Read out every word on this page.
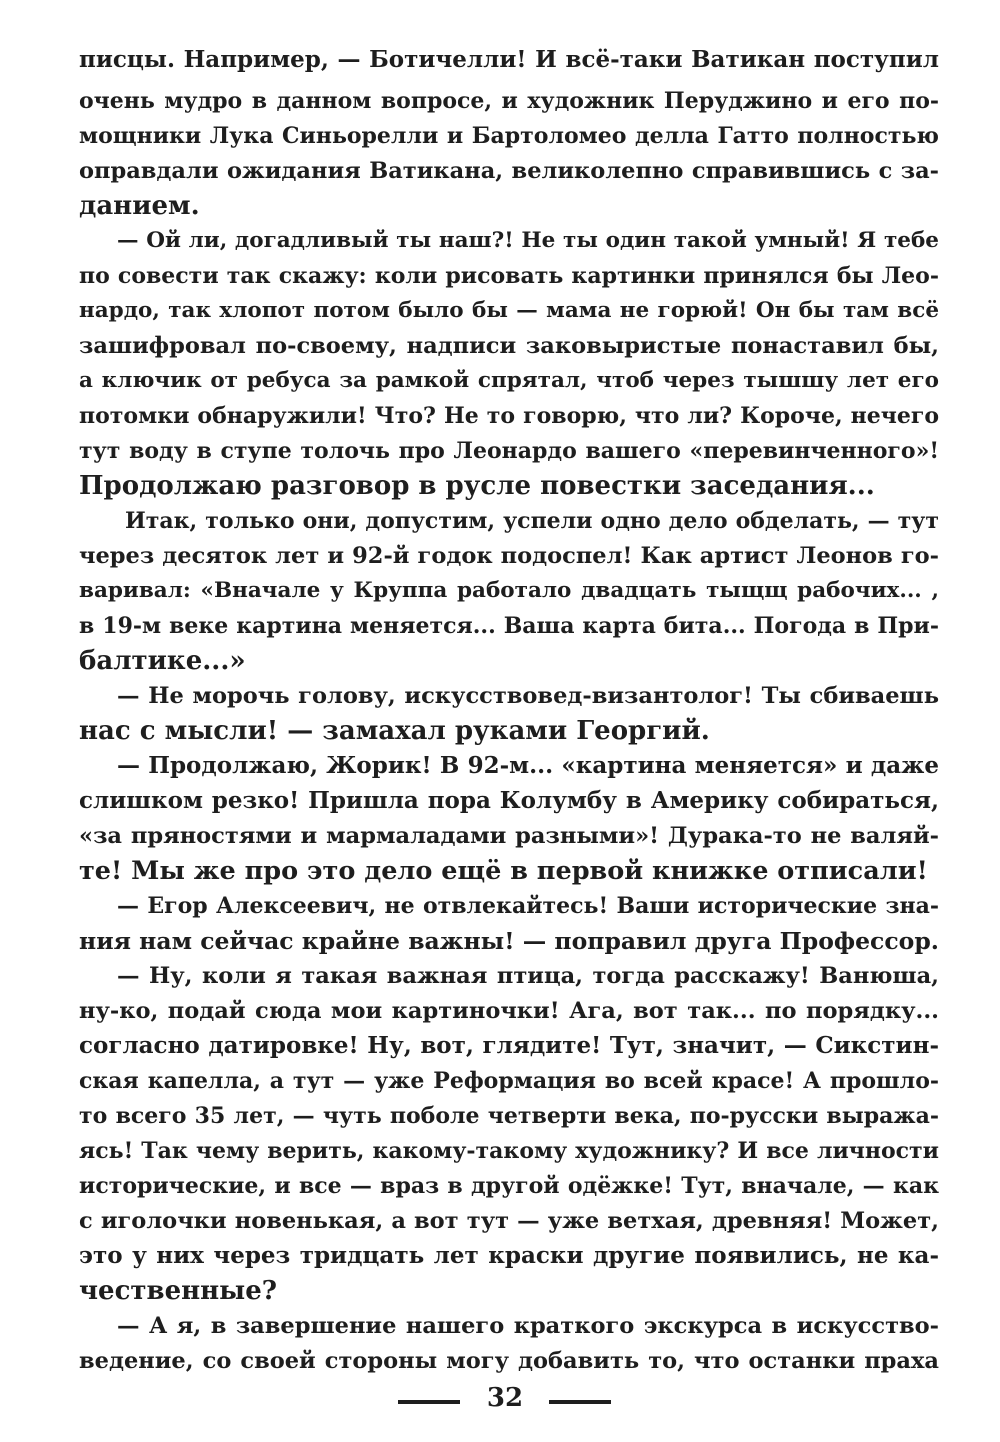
писцы. Например, — Ботичелли! И всё-таки Ватикан поступил
очень мудро в данном вопросе, и художник Перуджино и его по-
мощники Лука Синьорелли и Бартоломео делла Гатто полностью
оправдали ожидания Ватикана, великолепно справившись с за-
данием.
— Ой ли, догадливый ты наш?! Не ты один такой умный! Я тебе
по совести так скажу: коли рисовать картинки принялся бы Лео-
нардо, так хлопот потом было бы — мама не горюй! Он бы там всё
зашифровал по-своему, надписи заковыристые понаставил бы,
а ключик от ребуса за рамкой спрятал, чтоб через тышшу лет его
потомки обнаружили! Что? Не то говорю, что ли? Короче, нечего
тут воду в ступе толочь про Леонардо вашего «перевинченного»!
Продолжаю разговор в русле повестки заседания...
Итак, только они, допустим, успели одно дело обделать, — тут
через десяток лет и 92-й годок подоспел! Как артист Леонов го-
варивал: «Вначале у Круппа работало двадцать тыщщ рабочих... ,
в 19-м веке картина меняется... Ваша карта бита... Погода в При-
балтике...»
— Не морочь голову, искусствовед-византолог! Ты сбиваешь
нас с мысли! — замахал руками Георгий.
— Продолжаю, Жорик! В 92-м... «картина меняется» и даже
слишком резко! Пришла пора Колумбу в Америку собираться,
«за пряностями и мармаладами разными»! Дурака-то не валяй-
те! Мы же про это дело ещё в первой книжке отписали!
— Егор Алексеевич, не отвлекайтесь! Ваши исторические зна-
ния нам сейчас крайне важны! — поправил друга Профессор.
— Ну, коли я такая важная птица, тогда расскажу! Ванюша,
ну-ко, подай сюда мои картиночки! Ага, вот так... по порядку...
согласно датировке! Ну, вот, глядите! Тут, значит, — Сикстин-
ская капелла, а тут — уже Реформация во всей красе! А прошло-
то всего 35 лет, — чуть поболе четверти века, по-русски выража-
ясь! Так чему верить, какому-такому художнику? И все личности
исторические, и все — враз в другой одёжке! Тут, вначале, — как
с иголочки новенькая, а вот тут — уже ветхая, древняя! Может,
это у них через тридцать лет краски другие появились, не ка-
чественные?
— А я, в завершение нашего краткого экскурса в искусство-
ведение, со своей стороны могу добавить то, что останки праха
32
